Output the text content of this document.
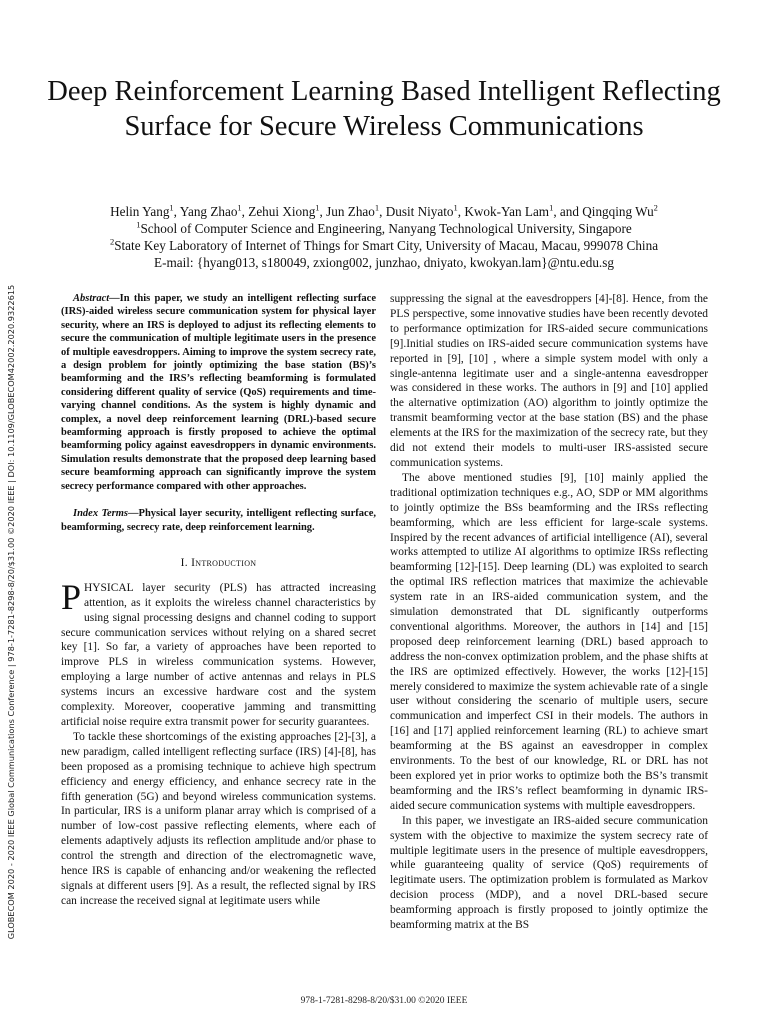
Deep Reinforcement Learning Based Intelligent Reflecting Surface for Secure Wireless Communications
Helin Yang$^1$, Yang Zhao$^1$, Zehui Xiong$^1$, Jun Zhao$^1$, Dusit Niyato$^1$, Kwok-Yan Lam$^1$, and Qingqing Wu$^2$
$^1$School of Computer Science and Engineering, Nanyang Technological University, Singapore
$^2$State Key Laboratory of Internet of Things for Smart City, University of Macau, Macau, 999078 China
E-mail: {hyang013, s180049, zxiong002, junzhao, dniyato, kwokyan.lam}@ntu.edu.sg
GLOBECOM 2020 - 2020 IEEE Global Communications Conference | 978-1-7281-8298-8/20/$31.00 ©2020 IEEE | DOI: 10.1109/GLOBECOM42002.2020.9322615	Abstract—In this paper, we study an intelligent reflecting surface (IRS)-aided wireless secure communication system for physical layer security, where an IRS is deployed to adjust its reflecting elements to secure the communication of multiple legitimate users in the presence of multiple eavesdroppers. Aiming to improve the system secrecy rate, a design problem for jointly optimizing the base station (BS)’s beamforming and the IRS’s reflecting beamforming is formulated considering different quality of service (QoS) requirements and time-varying channel conditions. As the system is highly dynamic and complex, a novel deep reinforcement learning (DRL)-based secure beamforming approach is firstly proposed to achieve the optimal beamforming policy against eavesdroppers in dynamic environments. Simulation results demonstrate that the proposed deep learning based secure beamforming approach can significantly improve the system secrecy performance compared with other approaches.

Index Terms—Physical layer security, intelligent reflecting surface, beamforming, secrecy rate, deep reinforcement learning.

I. Introduction

PHYSICAL layer security (PLS) has attracted increasing attention, as it exploits the wireless channel characteristics by using signal processing designs and channel coding to support secure communication services without relying on a shared secret key [1]. So far, a variety of approaches have been reported to improve PLS in wireless communication systems. However, employing a large number of active antennas and relays in PLS systems incurs an excessive hardware cost and the system complexity. Moreover, cooperative jamming and transmitting artificial noise require extra transmit power for security guarantees.

To tackle these shortcomings of the existing approaches [2]-[3], a new paradigm, called intelligent reflecting surface (IRS) [4]-[8], has been proposed as a promising technique to achieve high spectrum efficiency and energy efficiency, and enhance secrecy rate in the fifth generation (5G) and beyond wireless communication systems. In particular, IRS is a uniform planar array which is comprised of a number of low-cost passive reflecting elements, where each of elements adaptively adjusts its reflection amplitude and/or phase to control the strength and direction of the electromagnetic wave, hence IRS is capable of enhancing and/or weakening the reflected signals at different users [9]. As a result, the reflected signal by IRS can increase the received signal at legitimate users while

suppressing the signal at the eavesdroppers [4]-[8]. Hence, from the PLS perspective, some innovative studies have been recently devoted to performance optimization for IRS-aided secure communications [9].Initial studies on IRS-aided secure communication systems have reported in [9], [10] , where a simple system model with only a single-antenna legitimate user and a single-antenna eavesdropper was considered in these works. The authors in [9] and [10] applied the alternative optimization (AO) algorithm to jointly optimize the transmit beamforming vector at the base station (BS) and the phase elements at the IRS for the maximization of the secrecy rate, but they did not extend their models to multi-user IRS-assisted secure communication systems.

The above mentioned studies [9], [10] mainly applied the traditional optimization techniques e.g., AO, SDP or MM algorithms to jointly optimize the BSs beamforming and the IRSs reflecting beamforming, which are less efficient for large-scale systems. Inspired by the recent advances of artificial intelligence (AI), several works attempted to utilize AI algorithms to optimize IRSs reflecting beamforming [12]-[15]. Deep learning (DL) was exploited to search the optimal IRS reflection matrices that maximize the achievable system rate in an IRS-aided communication system, and the simulation demonstrated that DL significantly outperforms conventional algorithms. Moreover, the authors in [14] and [15] proposed deep reinforcement learning (DRL) based approach to address the non-convex optimization problem, and the phase shifts at the IRS are optimized effectively. However, the works [12]-[15] merely considered to maximize the system achievable rate of a single user without considering the scenario of multiple users, secure communication and imperfect CSI in their models. The authors in [16] and [17] applied reinforcement learning (RL) to achieve smart beamforming at the BS against an eavesdropper in complex environments. To the best of our knowledge, RL or DRL has not been explored yet in prior works to optimize both the BS’s transmit beamforming and the IRS’s reflect beamforming in dynamic IRS-aided secure communication systems with multiple eavesdroppers.

In this paper, we investigate an IRS-aided secure communication system with the objective to maximize the system secrecy rate of multiple legitimate users in the presence of multiple eavesdroppers, while guaranteeing quality of service (QoS) requirements of legitimate users. The optimization problem is formulated as Markov decision process (MDP), and a novel DRL-based secure beamforming approach is firstly proposed to jointly optimize the beamforming matrix at the BS

978-1-7281-8298-8/20/$31.00 ©2020 IEEE
